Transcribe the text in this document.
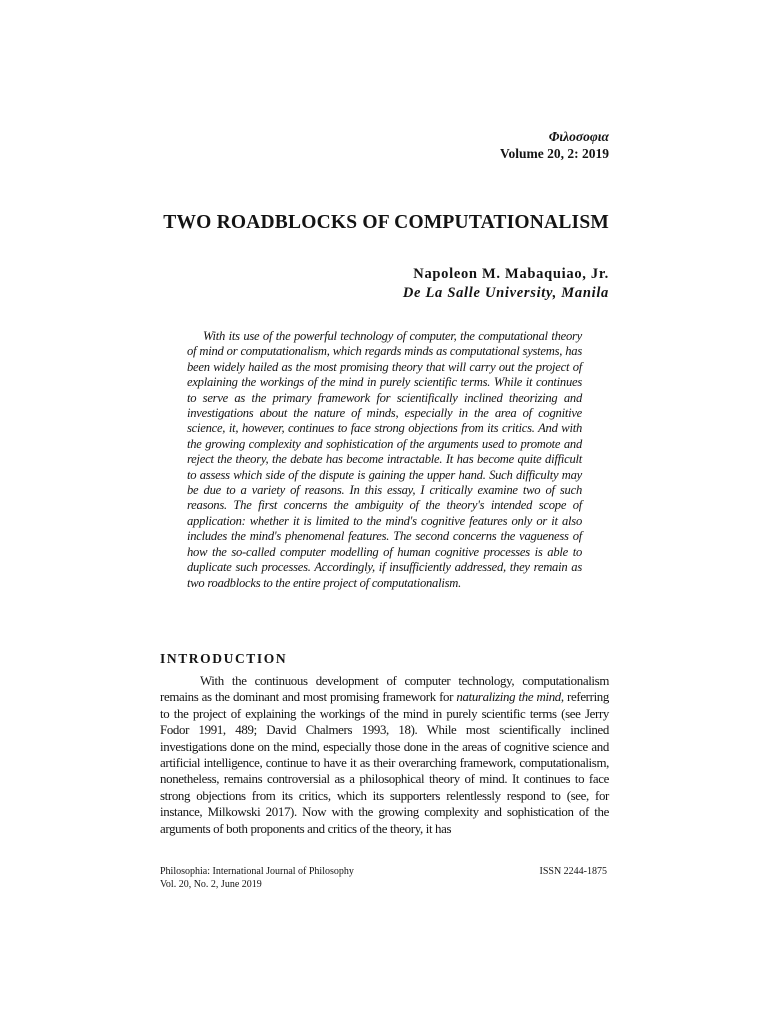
Φιλοσοφια
Volume 20, 2: 2019
TWO ROADBLOCKS OF COMPUTATIONALISM
Napoleon M. Mabaquiao, Jr.
De La Salle University, Manila

With its use of the powerful technology of computer, the computational theory of mind or computationalism, which regards minds as computational systems, has been widely hailed as the most promising theory that will carry out the project of explaining the workings of the mind in purely scientific terms. While it continues to serve as the primary framework for scientifically inclined theorizing and investigations about the nature of minds, especially in the area of cognitive science, it, however, continues to face strong objections from its critics. And with the growing complexity and sophistication of the arguments used to promote and reject the theory, the debate has become intractable. It has become quite difficult to assess which side of the dispute is gaining the upper hand. Such difficulty may be due to a variety of reasons. In this essay, I critically examine two of such reasons. The first concerns the ambiguity of the theory's intended scope of application: whether it is limited to the mind's cognitive features only or it also includes the mind's phenomenal features. The second concerns the vagueness of how the so-called computer modelling of human cognitive processes is able to duplicate such processes. Accordingly, if insufficiently addressed, they remain as two roadblocks to the entire project of computationalism.

INTRODUCTION

With the continuous development of computer technology, computationalism remains as the dominant and most promising framework for naturalizing the mind, referring to the project of explaining the workings of the mind in purely scientific terms (see Jerry Fodor 1991, 489; David Chalmers 1993, 18). While most scientifically inclined investigations done on the mind, especially those done in the areas of cognitive science and artificial intelligence, continue to have it as their overarching framework, computationalism, nonetheless, remains controversial as a philosophical theory of mind. It continues to face strong objections from its critics, which its supporters relentlessly respond to (see, for instance, Milkowski 2017). Now with the growing complexity and sophistication of the arguments of both proponents and critics of the theory, it has

Philosophia: International Journal of Philosophy
Vol. 20, No. 2, June 2019
ISSN 2244-1875
